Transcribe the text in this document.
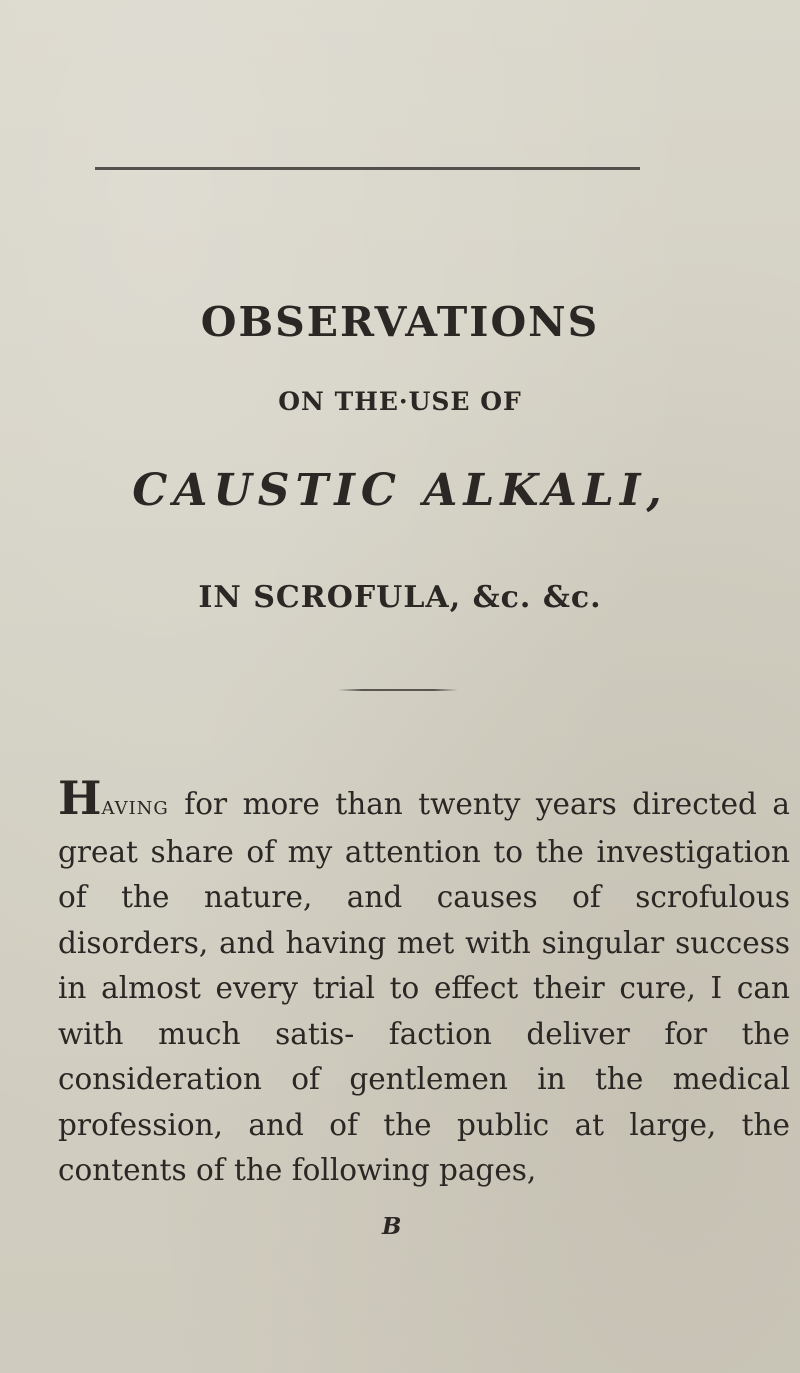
OBSERVATIONS
ON THE·USE OF
CAUSTIC ALKALI,
IN SCROFULA, &c. &c.

Having for more than twenty years directed a great share of my attention to the investigation of the nature, and causes of scrofulous disorders, and having met with singular success in almost every trial to effect their cure, I can with much satis- faction deliver for the consideration of gentlemen in the medical profession, and of the public at large, the contents of the following pages,

B
